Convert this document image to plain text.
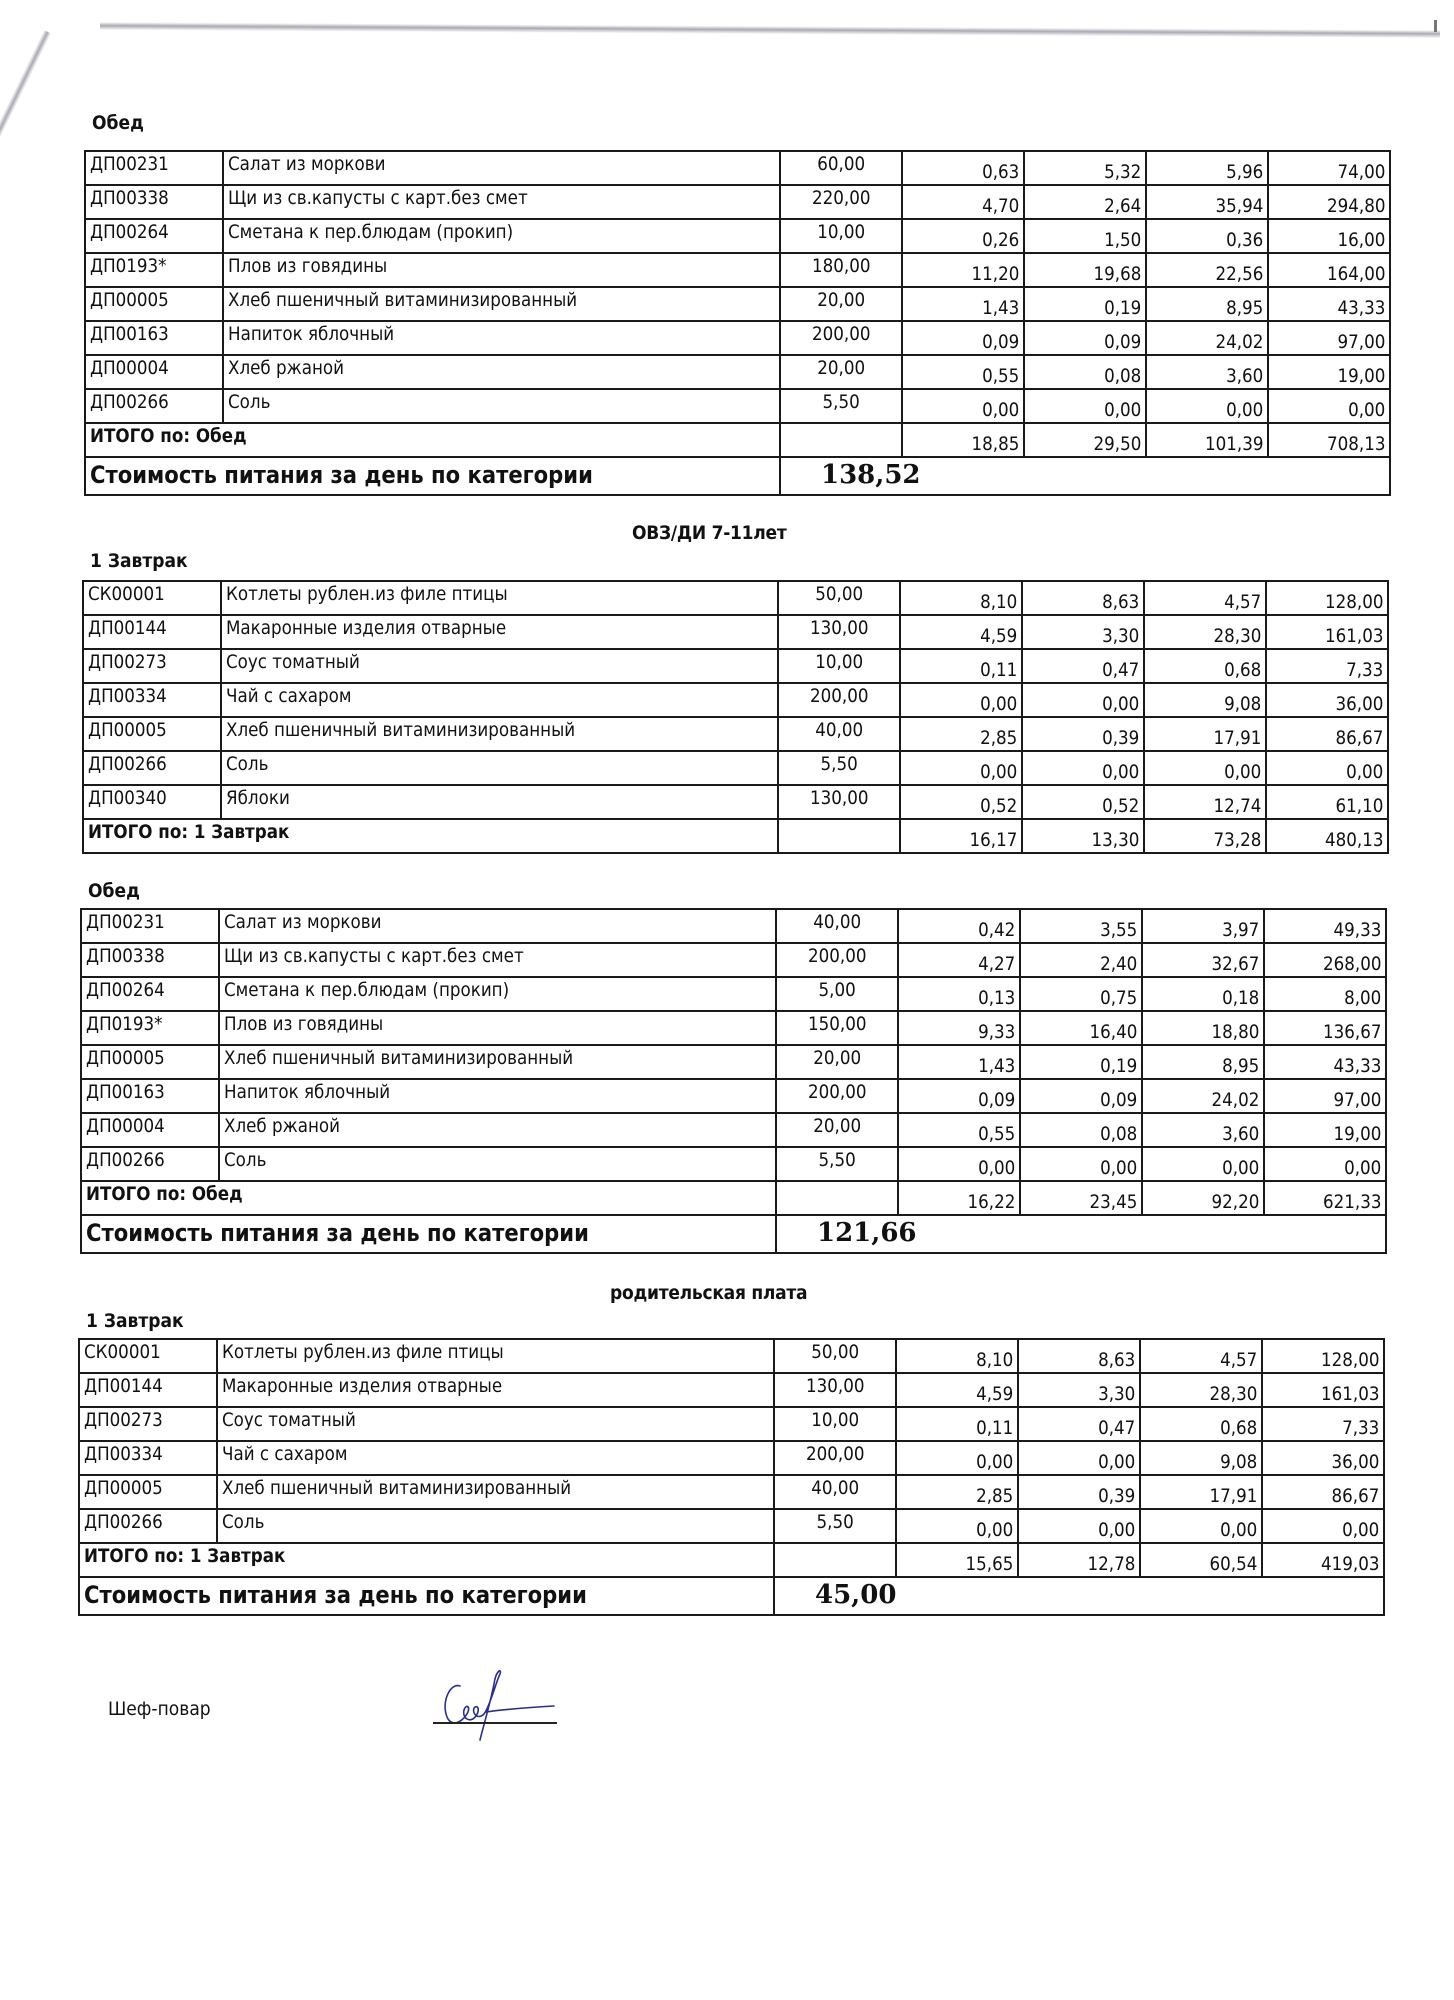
Обед
ДП00231	Салат из моркови	60,00	0,63	5,32	5,96	74,00
ДП00338	Щи из св.капусты с карт.без смет	220,00	4,70	2,64	35,94	294,80
ДП00264	Сметана к пер.блюдам (прокип)	10,00	0,26	1,50	0,36	16,00
ДП0193*	Плов из говядины	180,00	11,20	19,68	22,56	164,00
ДП00005	Хлеб пшеничный витаминизированный	20,00	1,43	0,19	8,95	43,33
ДП00163	Напиток яблочный	200,00	0,09	0,09	24,02	97,00
ДП00004	Хлеб ржаной	20,00	0,55	0,08	3,60	19,00
ДП00266	Соль	5,50	0,00	0,00	0,00	0,00
ИТОГО по: Обед			18,85	29,50	101,39	708,13
Стоимость питания за день по категории		138,52				
ОВЗ/ДИ 7-11лет
1 Завтрак
СК00001	Котлеты рублен.из филе птицы	50,00	8,10	8,63	4,57	128,00
ДП00144	Макаронные изделия отварные	130,00	4,59	3,30	28,30	161,03
ДП00273	Соус томатный	10,00	0,11	0,47	0,68	7,33
ДП00334	Чай с сахаром	200,00	0,00	0,00	9,08	36,00
ДП00005	Хлеб пшеничный витаминизированный	40,00	2,85	0,39	17,91	86,67
ДП00266	Соль	5,50	0,00	0,00	0,00	0,00
ДП00340	Яблоки	130,00	0,52	0,52	12,74	61,10
ИТОГО по: 1 Завтрак			16,17	13,30	73,28	480,13
Обед
ДП00231	Салат из моркови	40,00	0,42	3,55	3,97	49,33
ДП00338	Щи из св.капусты с карт.без смет	200,00	4,27	2,40	32,67	268,00
ДП00264	Сметана к пер.блюдам (прокип)	5,00	0,13	0,75	0,18	8,00
ДП0193*	Плов из говядины	150,00	9,33	16,40	18,80	136,67
ДП00005	Хлеб пшеничный витаминизированный	20,00	1,43	0,19	8,95	43,33
ДП00163	Напиток яблочный	200,00	0,09	0,09	24,02	97,00
ДП00004	Хлеб ржаной	20,00	0,55	0,08	3,60	19,00
ДП00266	Соль	5,50	0,00	0,00	0,00	0,00
ИТОГО по: Обед			16,22	23,45	92,20	621,33
Стоимость питания за день по категории		121,66				
родительская плата
1 Завтрак
СК00001	Котлеты рублен.из филе птицы	50,00	8,10	8,63	4,57	128,00
ДП00144	Макаронные изделия отварные	130,00	4,59	3,30	28,30	161,03
ДП00273	Соус томатный	10,00	0,11	0,47	0,68	7,33
ДП00334	Чай с сахаром	200,00	0,00	0,00	9,08	36,00
ДП00005	Хлеб пшеничный витаминизированный	40,00	2,85	0,39	17,91	86,67
ДП00266	Соль	5,50	0,00	0,00	0,00	0,00
ИТОГО по: 1 Завтрак			15,65	12,78	60,54	419,03
Стоимость питания за день по категории		45,00				
Шеф-повар
